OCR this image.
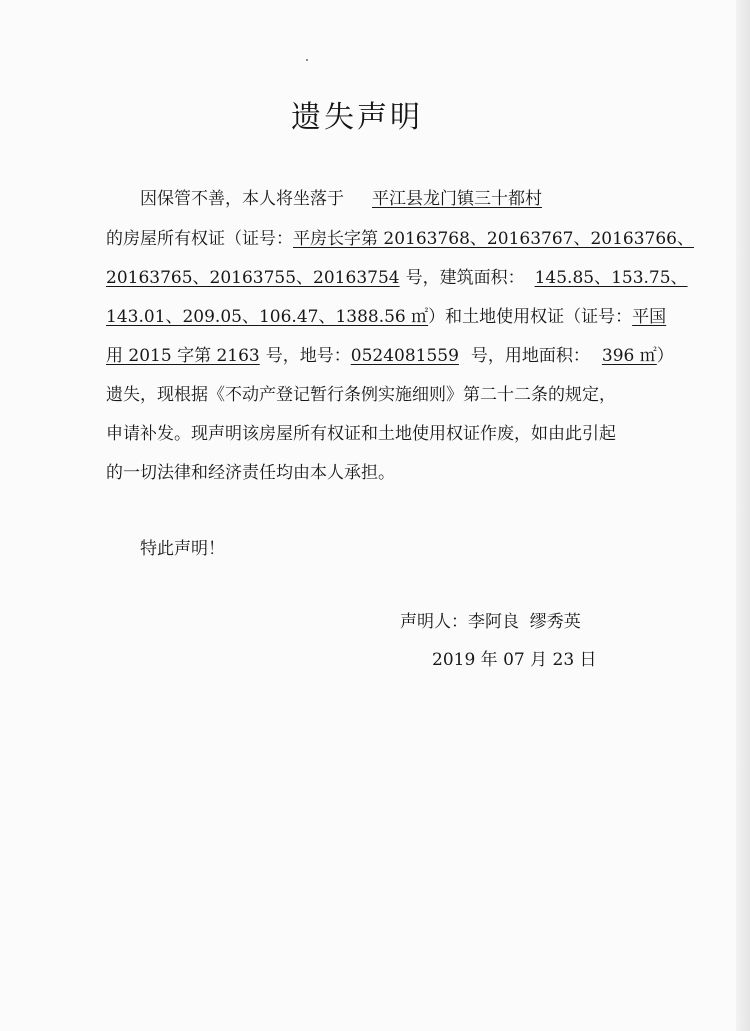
遗失声明
因保管不善，本人将坐落于 平江县龙门镇三十都村
的房屋所有权证（证号：平房长字第 20163768、20163767、20163766、
20163765、20163755、20163754 号，建筑面积： 145.85、153.75、
143.01、209.05、106.47、1388.56 ㎡）和土地使用权证（证号：平国
用 2015 字第 2163 号，地号：0524081559 号，用地面积： 396 ㎡）
遗失，现根据《不动产登记暂行条例实施细则》第二十二条的规定，
申请补发。现声明该房屋所有权证和土地使用权证作废，如由此引起
的一切法律和经济责任均由本人承担。
特此声明！
声明人：李阿良  缪秀英
2019 年 07 月 23 日
